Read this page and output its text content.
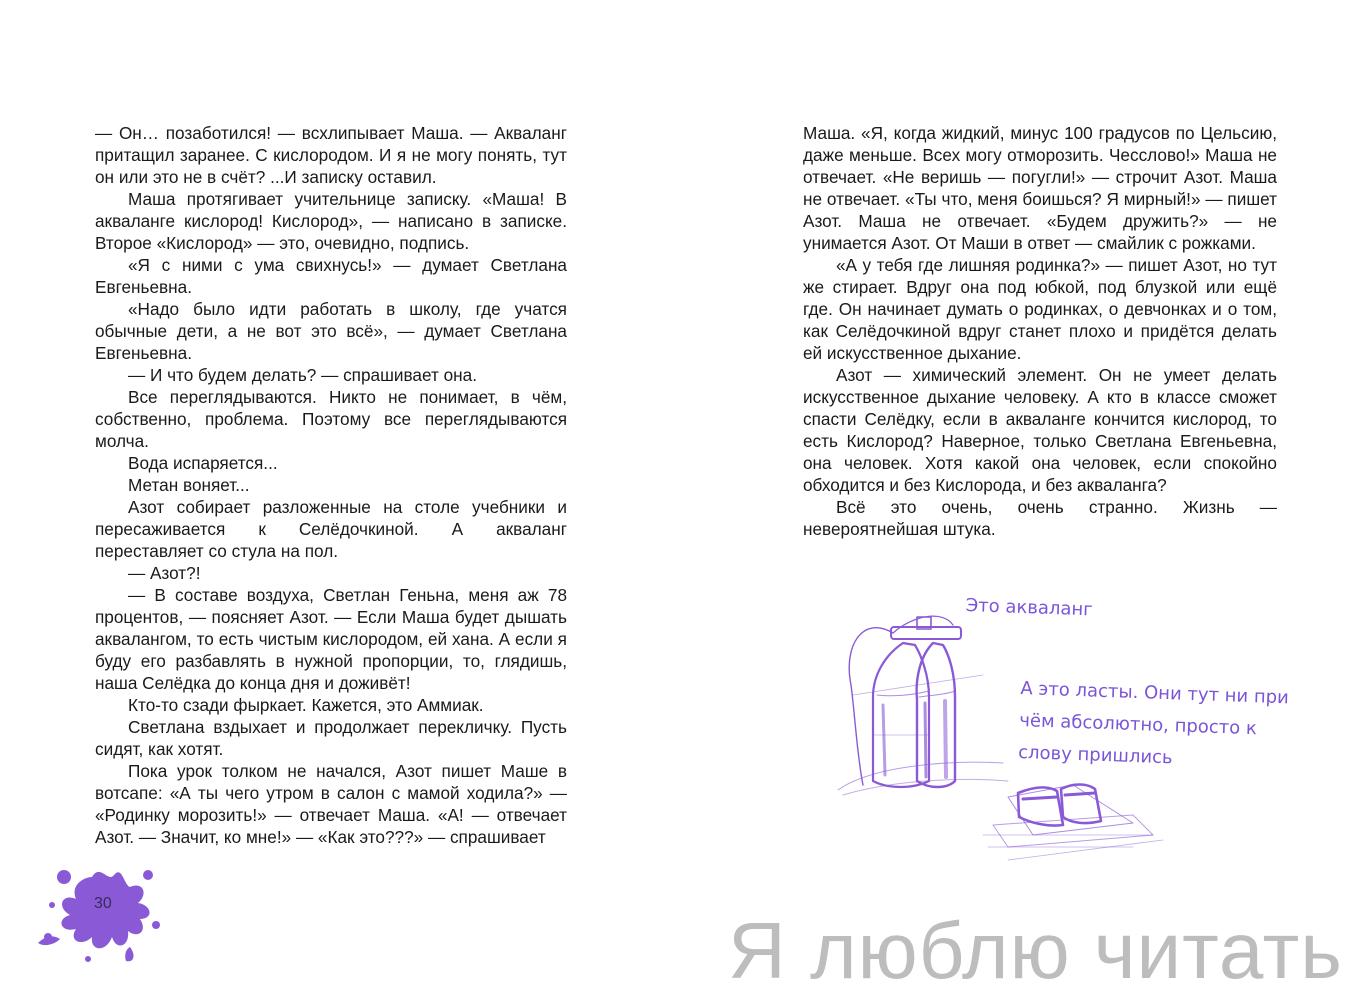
— Он… позаботился! — всхлипывает Маша. — Акваланг притащил заранее. С кислородом. И я не могу понять, тут он или это не в счёт? ...И записку оставил.

Маша протягивает учительнице записку. «Маша! В акваланге кислород! Кислород», — написано в записке. Второе «Кислород» — это, очевидно, подпись.

«Я с ними с ума свихнусь!» — думает Светлана Евгеньевна.

«Надо было идти работать в школу, где учатся обычные дети, а не вот это всё», — думает Светлана Евгеньевна.

— И что будем делать? — спрашивает она.

Все переглядываются. Никто не понимает, в чём, собственно, проблема. Поэтому все переглядываются молча.

Вода испаряется...

Метан воняет...

Азот собирает разложенные на столе учебники и пересаживается к Селёдочкиной. А акваланг переставляет со стула на пол.

— Азот?!

— В составе воздуха, Светлан Геньна, меня аж 78 процентов, — поясняет Азот. — Если Маша будет дышать аквалангом, то есть чистым кислородом, ей хана. А если я буду его разбавлять в нужной пропорции, то, глядишь, наша Селёдка до конца дня и доживёт!

Кто-то сзади фыркает. Кажется, это Аммиак.

Светлана вздыхает и продолжает перекличку. Пусть сидят, как хотят.

Пока урок толком не начался, Азот пишет Маше в вотсапе: «А ты чего утром в салон с мамой ходила?» — «Родинку морозить!» — отвечает Маша. «А! — отвечает Азот. — Значит, ко мне!» — «Как это???» — спрашивает

30

Маша. «Я, когда жидкий, минус 100 градусов по Цельсию, даже меньше. Всех могу отморозить. Чесслово!» Маша не отвечает. «Не веришь — погугли!» — строчит Азот. Маша не отвечает. «Ты что, меня боишься? Я мирный!» — пишет Азот. Маша не отвечает. «Будем дружить?» — не унимается Азот. От Маши в ответ — смайлик с рожками.

«А у тебя где лишняя родинка?» — пишет Азот, но тут же стирает. Вдруг она под юбкой, под блузкой или ещё где. Он начинает думать о родинках, о девчонках и о том, как Селёдочкиной вдруг станет плохо и придётся делать ей искусственное дыхание.

Азот — химический элемент. Он не умеет делать искусственное дыхание человеку. А кто в классе сможет спасти Селёдку, если в акваланге кончится кислород, то есть Кислород? Наверное, только Светлана Евгеньевна, она человек. Хотя какой она человек, если спокойно обходится и без Кислорода, и без акваланга?

Всё это очень, очень странно. Жизнь — невероятнейшая штука.

Это акваланг
А это ласты. Они тут ни при чём абсолютно, просто к слову пришлись
Я люблю читать
